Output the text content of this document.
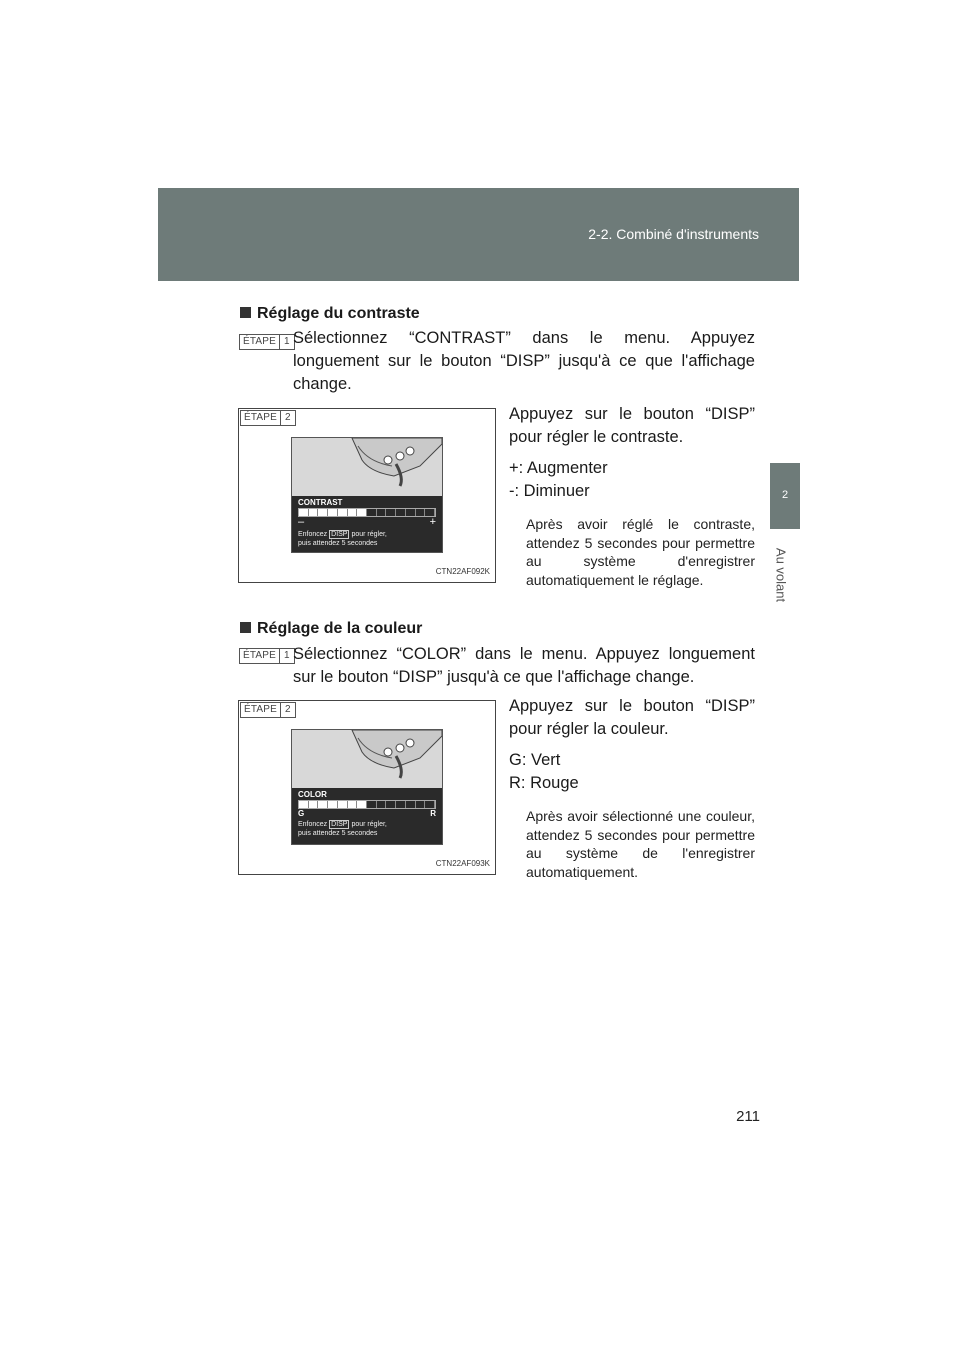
2-2. Combiné d'instruments
2
Au volant
Réglage du contraste
ÉTAPE 1 Sélectionnez “CONTRAST” dans le menu. Appuyez longuement sur le bouton “DISP” jusqu'à ce que l'affichage change.
ÉTAPE 2
CONTRAST
–	+
Enfoncez DISP pour régler,
puis attendez 5 secondes
CTN22AF092K
Appuyez sur le bouton “DISP” pour régler le contraste.
+: Augmenter
-: Diminuer
Après avoir réglé le contraste, attendez 5 secondes pour permettre au système d'enregistrer automatiquement le réglage.
Réglage de la couleur
ÉTAPE 1 Sélectionnez “COLOR” dans le menu. Appuyez longuement sur le bouton “DISP” jusqu'à ce que l'affichage change.
ÉTAPE 2
COLOR
G	R
Enfoncez DISP pour régler,
puis attendez 5 secondes
CTN22AF093K
Appuyez sur le bouton “DISP” pour régler la couleur.
G: Vert
R: Rouge
Après avoir sélectionné une couleur, attendez 5 secondes pour permettre au système de l'enregistrer automatiquement.
211
